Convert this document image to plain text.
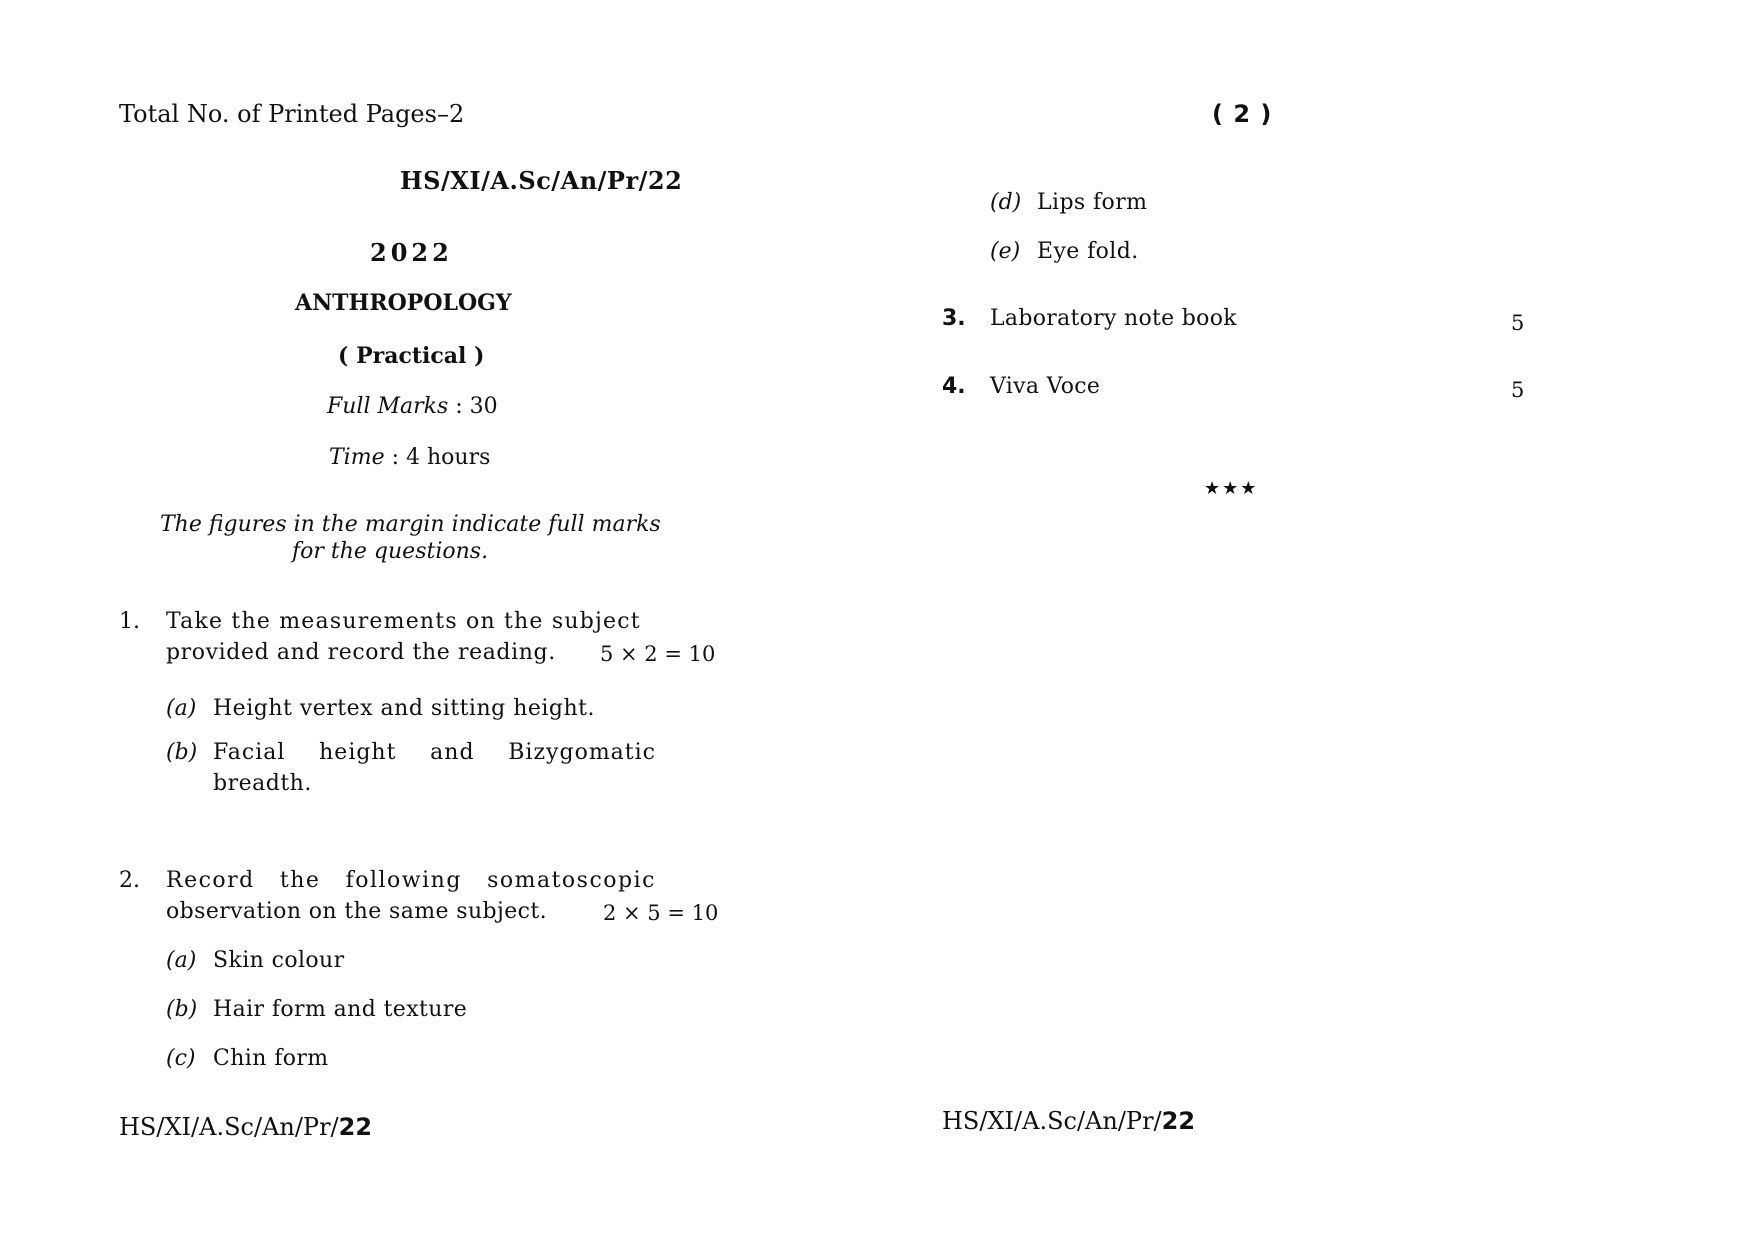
Total No. of Printed Pages–2
HS/XI/A.Sc/An/Pr/22
2022
ANTHROPOLOGY
( Practical )
Full Marks : 30
Time : 4 hours
The figures in the margin indicate full marks
for the questions.
1. Take the measurements on the subject
provided and record the reading. 5 × 2 = 10
(a) Height vertex and sitting height.
(b) Facial height and Bizygomatic
breadth.
2. Record the following somatoscopic
observation on the same subject.	2 × 5 = 10
(a) Skin colour
(b) Hair form and texture
(c) Chin form
HS/XI/A.Sc/An/Pr/22
( 2 )
(d) Lips form
(e) Eye fold.
3. Laboratory note book	5
4. Viva Voce	5
★★★
HS/XI/A.Sc/An/Pr/22
